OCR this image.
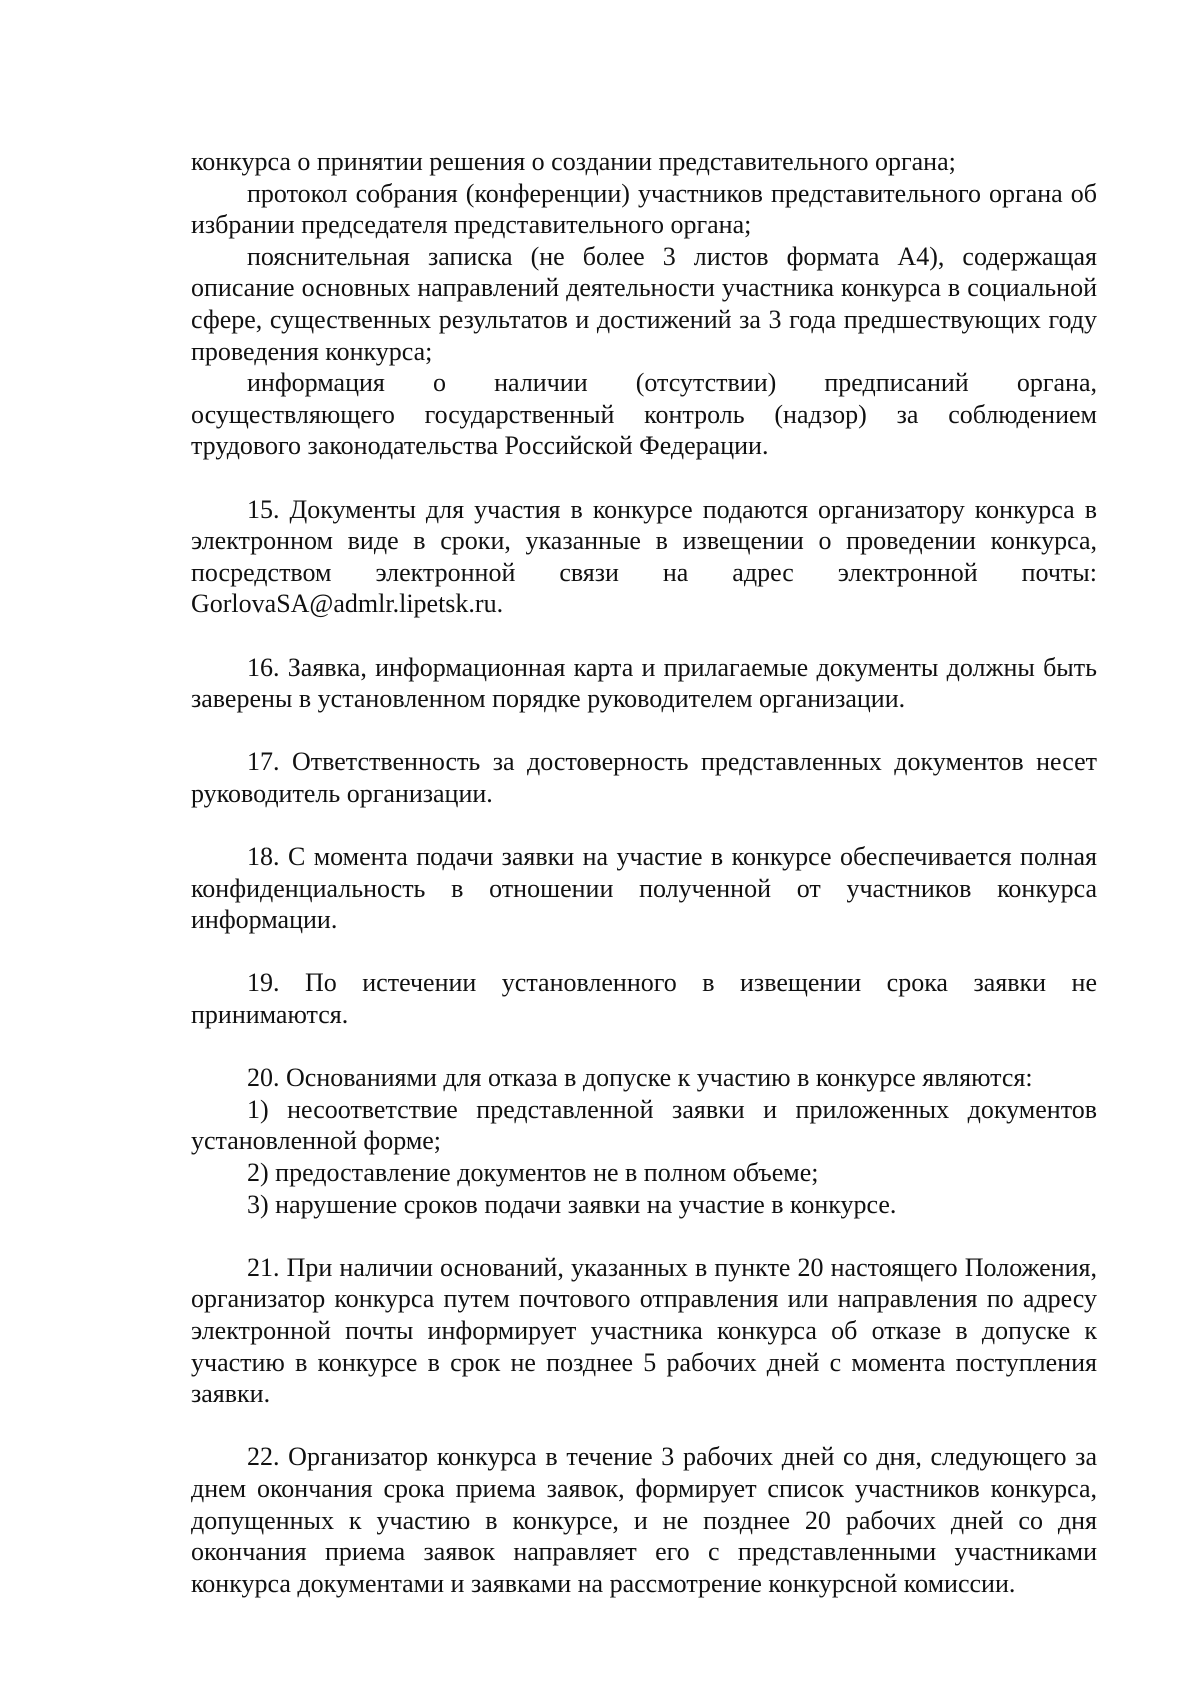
конкурса о принятии решения о создании представительного органа;

протокол собрания (конференции) участников представительного органа об избрании председателя представительного органа;

пояснительная записка (не более 3 листов формата А4), содержащая описание основных направлений деятельности участника конкурса в социальной сфере, существенных результатов и достижений за 3 года предшествующих году проведения конкурса;

информация о наличии (отсутствии) предписаний органа, осуществляющего государственный контроль (надзор) за соблюдением трудового законодательства Российской Федерации.

15. Документы для участия в конкурсе подаются организатору конкурса в электронном виде в сроки, указанные в извещении о проведении конкурса, посредством электронной связи на адрес электронной почты: GorlovaSA@admlr.lipetsk.ru.

16. Заявка, информационная карта и прилагаемые документы должны быть заверены в установленном порядке руководителем организации.

17. Ответственность за достоверность представленных документов несет руководитель организации.

18. С момента подачи заявки на участие в конкурсе обеспечивается полная конфиденциальность в отношении полученной от участников конкурса информации.

19. По истечении установленного в извещении срока заявки не принимаются.

20. Основаниями для отказа в допуске к участию в конкурсе являются:

1) несоответствие представленной заявки и приложенных документов установленной форме;

2) предоставление документов не в полном объеме;

3) нарушение сроков подачи заявки на участие в конкурсе.

21. При наличии оснований, указанных в пункте 20 настоящего Положения, организатор конкурса путем почтового отправления или направления по адресу электронной почты информирует участника конкурса об отказе в допуске к участию в конкурсе в срок не позднее 5 рабочих дней с момента поступления заявки.

22. Организатор конкурса в течение 3 рабочих дней со дня, следующего за днем окончания срока приема заявок, формирует список участников конкурса, допущенных к участию в конкурсе, и не позднее 20 рабочих дней со дня окончания приема заявок направляет его с представленными участниками конкурса документами и заявками на рассмотрение конкурсной комиссии.
